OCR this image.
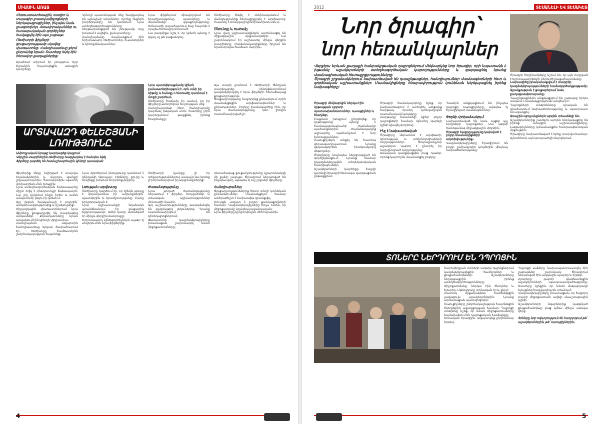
ՄԻԱՍԻՆ ԱՌԱՋ

Հեռուստատեսային, ռադիո և տպագիր լրատվամիջոցների ներկայացուցիչներ, ինչպես նաև լրագրողներ, մտավորականներ ու հասարակական գործիչներ հավաքվել էին այս շաբաթ։

Ռեժիսորի ֆիլմերի ցուցադրությամբ սկսվեց փառատոնը։ Հանդիսատեսը ջերմ ընդունեց նրան։ Շատերը եկել էին հեռավոր քաղաքներից։

Սրահում տիրում էր լռություն, երբ էկրանին հայտնվեցին առաջին կադրերը։

Կինոյի պատմության մեջ հազվադեպ են այնպիսի անուններ, որոնք ինքնին խորհրդանիշ են դառնում։ Նրա ստեղծագործությունները ներթափանցված են լռությամբ, որը խոսում է ավելին, քան բառերը։

Հանդիպմանը մասնակցում էին երիտասարդ ռեժիսորներ, ուսանողներ և կինոքննադատներ։

Նրա ֆիլմերում միավորվում են երաժշտությունը, պատկերը և ժամանակի զգացողությունը։ Մոնտաժի յուրահատուկ ձևը հայտնի է որպես հեռավոր մոնտաժ։

Նա բազմիցս նշել է, որ կինոն պետք է զգալ, ոչ թե բացատրել։

Ռեժիսորը ծնվել է Լենինականում և մանկությունից հետաքրքրվել է արվեստով։ Ուսանել է Մոսկվայի կինոինստիտուտում։

Ծնունդը և ուսումը

Նրա վաղ աշխատանքներն արժանացել են միջազգային մրցանակների։ Նա շարունակում էր աշխատել մինչև վերջին տարիները։ Ժամանակակիցները հիշում են նրան որպես համեստ մարդու։

ԱՐՏԱՎԱԶԴ ՓԵԼԵՇՅԱՆԻ ԼՌՈՒԹՅՈՒՆԸ

Ամբողջական նյութը կարդացեք կայքում

Վերջին տարիներին ռեժիսորը հազվադեպ է հանդես եկել

Ֆիլմերը դարձել են համաշխարհային կինոյի դասական

Նրա պատկերացմամբ կինոն բանաստեղծություն է, որն ունի իր ռիթմը և հանգը։ Մոնտաժը դառնում է մտքի շարժում։

Ռեժիսորը հաճախ էր ասում, որ իր ֆիլմերը ստեղծվում են լռության մեջ։

Հանդիսատեսի հետ հանդիպումը դարձավ իսկական տոն։ Շատերը չէին կարողանում թաքցնել իրենց հուզմունքը։

Այս տարի լրանում է ռեժիսորի ծննդյան տարեդարձը։ Կինոկենտրոնում կազմակերպվել է նրա ֆիլմերի հետահայաց ցուցադրություն։

Ցուցադրությանը հաջորդեց քննարկում, որին մասնակցեցին արվեստագետներ և քննադատներ։ Բոլորը համակարծիք էին, որ նրա ժառանգությունը դեռ լիովին ուսումնասիրված չէ։

Ֆիլմերից մեկը նվիրված է տարվա եղանակներին և մարդու կյանքի շրջապտույտին։ Պատկերներն այստեղ փոխարինում են խոսքին։

Նրա ստեղծագործական ճանապարհը միշտ եղել է փնտրտուքի ճանապարհ։ Նա չէր կրկնում ինքն իրեն և ամեն անգամ նոր լեզու էր գտնում։

Այդ լեզուն հասկանալի է բոլորին՝ անկախ ազգությունից և մշակույթից։

Միջազգային փառատոներում նրա ֆիլմերը ցուցադրվել են բազմաթիվ անգամներ։ Քննադատները նրան անվանում էին կինոյի փիլիսոփա։

Հանդիպման ավարտին հանդիսատեսը երկար ծափահարում էր։ Ռեժիսորը համեստորեն շնորհակալություն հայտնեց։

Նրա գործերում բնությունը դառնում է կենդանի կերպար։ Լեռները, ջուրը և երկինքը խոսում են իրենց լեզվով։

Լռության արվեստը

Ռեժիսորը կարծում էր, որ կինոն պետք է վերադառնա իր ակունքներին՝ պատկերին և երաժշտությանը։ Բառը երկրորդական է։

Նրա աշխատանքի եղանակն առանձնանում էր բացառիկ ճշգրտությամբ։ Ամեն կադր մտածված էր մինչև վերջին մանրուքը։

Երիտասարդ կինոգործիչներն այսօր էլ սովորում են նրա ֆիլմերից։

Ռեժիսորի կյանքը լի էր դժվարություններով, սակայն նա երբեք չէր հրաժարվում իր սկզբունքներից։

Ժառանգությունը

Նրա թողած ժառանգությունը ներառում է ֆիլմեր, հոդվածներ և տեսական աշխատություններ մոնտաժի մասին։

Այդ աշխատությունները թարգմանվել են բազմաթիվ լեզուներով։ Դրանք ուսումնասիրվում են կինոդպրոցներում։

Փառատոնի կազմակերպիչները խոստացան շարունակել նման միջոցառումները։

Հետահայաց ցուցադրությունը կշարունակվի մի քանի շաբաթ։ Ծրագրում ներառված են ինչպես վաղ, այնպես էլ ուշ շրջանի ֆիլմերը։

Հանդիպումներ

Ցուցադրություններից հետո տեղի կունենան քննարկումներ։ Մասնակցելու համար անհրաժեշտ է նախապես գրանցվել։

Մուտքն ազատ է բոլոր ցանկացողների համար։ Կազմակերպիչները հույս ունեն, որ միջոցառումը կդառնա ավանդական։

Նրա ֆիլմերը կրկին կհնչեն մեծ էկրանին։

4
2012	ՏԵՍԱՆԵԼԻ ԵՎ ՏԵՍԱԿԵՏ
Նոր ծրագիր՝
նոր հեռանկարներ

Վերջերս Երևան քաղաքի հանրակրթական դպրոցներում մեկնարկեց նոր ծրագիր, որի նպատակն է խթանել աշակերտների ստեղծագործական կարողությունները և զարգացնել նրանց մասնագիտական հետաքրքրությունները։

Ծրագրի շրջանակներում նախատեսված են դասընթացներ, հանդիպումներ մասնագետների հետ և գործնական աշխատանքներ։ Մասնակիցները հնարավորություն կունենան ներկայացնել իրենց նախագծերը։

Ծրագրի հեղինակները նշում են, որ այն ուղղված է երիտասարդների ներուժի բացահայտմանը։

Նախագիծը իրականացվում է տարբեր կազմակերպությունների համագործակցությամբ։ Աջակցություն է ցուցաբերում նաև քաղաքապետարանը։

Դասընթացներն անցկացվում են շաբաթը երկու անգամ։ Մասնակցությունն անվճար է։

Դպրոցների տնօրենները դրական են գնահատում նախաձեռնությունը և պատրաստ են աջակցել։

Առաջին արդյունքներն արդեն տեսանելի են։

Աշակերտներից շատերն արդեն ներկայացրել են իրենց առաջին աշխատանքները։ Լավագույնները կմասնակցեն հանրապետական մրցույթին։

Ծրագիրը նախատեսված է երեք տարվա համար։ Այնուհետև այն կտարածվի մարզերում։

Ծրագրի մեկնարկին ներկա էին կրթության ոլորտի պատասխանատուներ, ուսուցիչներ և ծնողներ։

Բացման խոսքում ընդգծվեց, որ կրթությունը պետք է համապատասխանի ժամանակի պահանջներին։ Ժամանակակից աշխարհը պահանջում է նոր հմտություններ։

Ուսուցիչներն անցել են հատուկ վերապատրաստում։ Նրանք կօգտագործեն ինտերակտիվ մեթոդներ։

Ծնողները նույնպես ներգրավված են գործընթացում։ Նրանց համար կկազմակերպվեն տեղեկատվական հանդիպումներ։

Աշակերտների կարծիքը հաշվի կառնվի ծրագրի հետագա զարգացման ընթացքում։

Ծրագրի համակարգողը նշեց, որ նախատեսվում է ստեղծել առցանց հարթակ, որտեղ կտեղադրվեն ուսումնական նյութերը։

Հարթակը հասանելի կլինի բոլոր դպրոցների համար։ Այնտեղ կարելի կլինի կիսվել փորձով։

Ինչ է նախատեսված

Ծրագիրը ներառում է արվեստի, գիտության և տեխնոլոգիաների ուղղություններ։ Յուրաքանչյուր աշակերտ կարող է ընտրել իր նախընտրած ուղղությունը։

Ամսական կանցկացվեն բաց դասեր, որոնց կարող են մասնակցել բոլորը։

Դասերն անցկացնում են ինչպես դպրոցի ուսուցիչները, այնպես էլ հրավիրված մասնագետներ։

Փորձի փոխանակում

Նախատեսված են նաև այցեր այլ երկրների դպրոցներ։ Սա կօգնի ծանոթանալ միջազգային փորձին։

Ծրագրի հաջողությունը կախված է բոլոր մասնակիցների ակտիվությունից։

Կազմակերպիչները հրավիրում են բոլոր շահագրգիռ կողմերին միանալ նախաձեռնությանը։

ՏՈՆԵՐԸ ՆԵՐԴՐՈՒՄ ԵՆ ԴՊՐՈՑԻՆ

Տարեվերջյան տոների առթիվ դպրոցներում կազմակերպվեցին համերգներ և ցուցահանդեսներ։ Աշակերտները ներկայացրին իրենց ստեղծագործությունները։

Միջոցառմանը ներկա էին ծնողներ և հյուրեր։ Մթնոլորտը տոնական էր և ջերմ։

Հատուկ մրցանակներ հանձնվեցին լավագույն աշակերտներին։ Նրանք արժանացան պատվոգրերի։

Ուսուցիչները շնորհակալություն հայտնեցին ծնողներին աջակցության համար։ Դպրոցի տնօրենը նշեց, որ նման միջոցառումները համախմբում են դպրոցական համայնքը։

Տոնական ծրագիրն ավարտվեց ընդհանուր երգով։

Դպրոցի սաները նախապատրաստվել էին շաբաթներ շարունակ։ Ծրագրում ներառված էին ազգային պարեր և երգեր։

Հյուրերը բարձր գնահատեցին աշակերտների պատրաստվածությունը։ Շատերը նշեցին, որ նման մակարդակի ելույթներ հազվադեպ են տեսնում։

Կազմակերպիչները խոստացան, որ հաջորդ տարի միջոցառումն ավելի մասշտաբային կլինի։

Աշակերտների նկարներից կազմված ցուցահանդեսը բաց կմնա մինչև ամսվա վերջ։

Տոները նոր ոգևորություն են հաղորդում թե՛ աշակերտներին, թե՛ ուսուցիչներին։

5
